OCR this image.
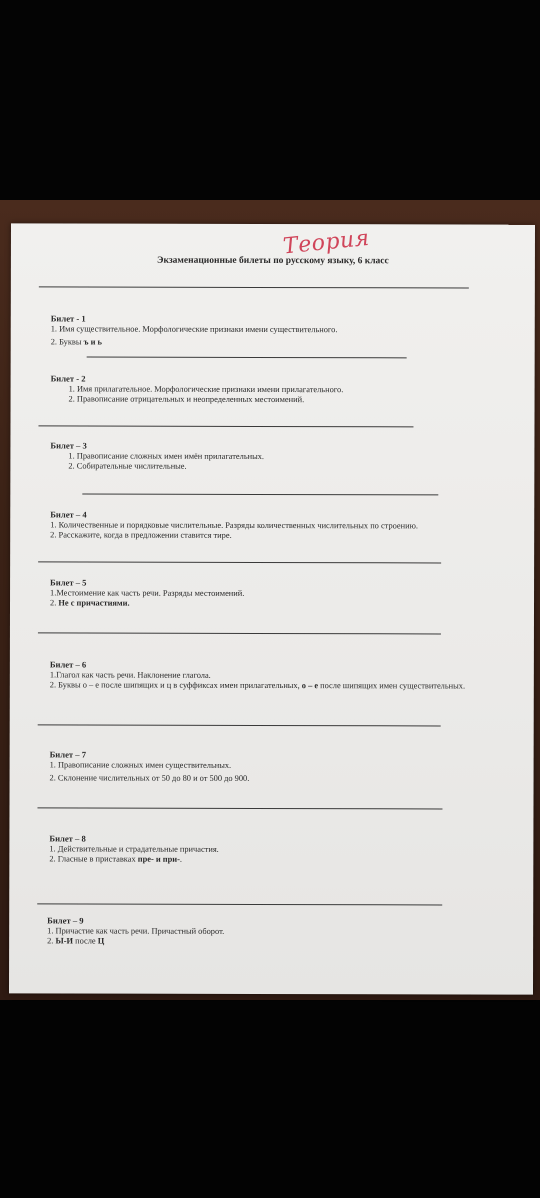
Теория
Экзаменационные билеты по русскому языку, 6 класс
Билет - 1
1. Имя существительное. Морфологические признаки имени существительного.
2. Буквы ъ и ь
Билет - 2
1. Имя прилагательное. Морфологические признаки имени прилагательного.
2. Правописание отрицательных и неопределенных местоимений.
Билет – 3
1. Правописание сложных имен имён прилагательных.
2. Собирательные числительные.
Билет – 4
1. Количественные и порядковые числительные. Разряды количественных числительных по строению.
2. Расскажите, когда в предложении ставится тире.
Билет – 5
1.Местоимение как часть речи. Разряды местоимений.
2. Не с причастиями.
Билет – 6
1.Глагол как часть речи. Наклонение глагола.
2. Буквы о – е после шипящих и ц в суффиксах имен прилагательных, о – е после шипящих имен существительных.
Билет – 7
1. Правописание сложных имен существительных.
2. Склонение числительных от 50 до 80 и от 500 до 900.
Билет – 8
1. Действительные и страдательные причастия.
2. Гласные в приставках пре- и при-.
Билет – 9
1. Причастие как часть речи. Причастный оборот.
2. Ы-И после Ц
